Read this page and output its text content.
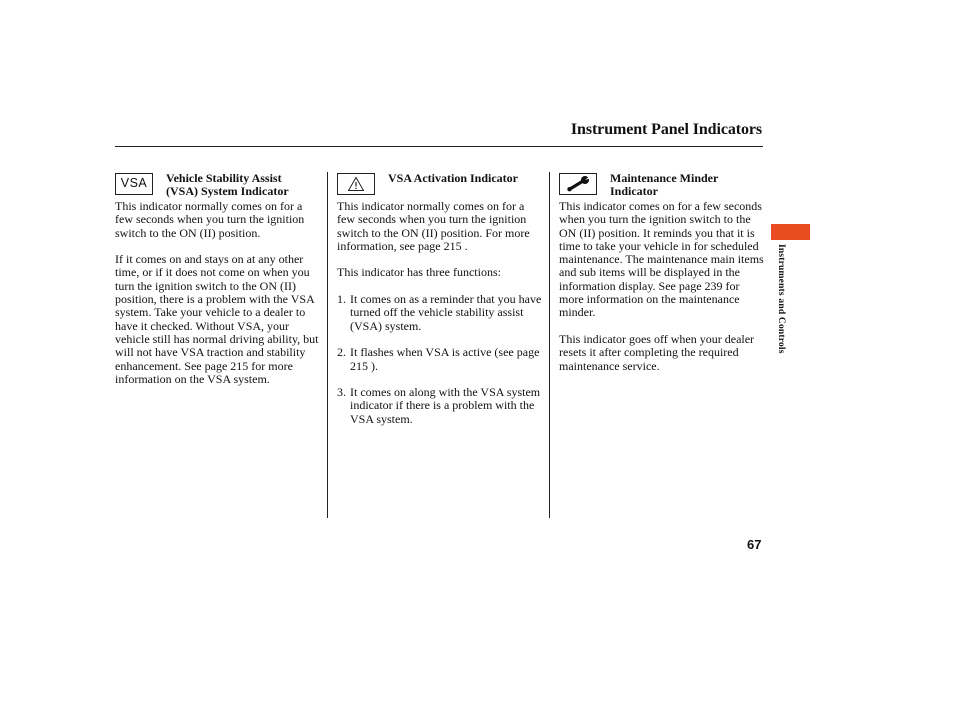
Instrument Panel Indicators
VSA Vehicle Stability Assist
(VSA) System Indicator

This indicator normally comes on for a few seconds when you turn the ignition switch to the ON (II) position.

If it comes on and stays on at any other time, or if it does not come on when you turn the ignition switch to the ON (II) position, there is a problem with the VSA system. Take your vehicle to a dealer to have it checked. Without VSA, your vehicle still has normal driving ability, but will not have VSA traction and stability enhancement. See page 215 for more information on the VSA system.

VSA Activation Indicator

This indicator normally comes on for a few seconds when you turn the ignition switch to the ON (II) position. For more information, see page 215 .

This indicator has three functions:

1. It comes on as a reminder that you have turned off the vehicle stability assist (VSA) system.
2. It flashes when VSA is active (see page 215 ).
3. It comes on along with the VSA system indicator if there is a problem with the VSA system.
Maintenance Minder
Indicator

This indicator comes on for a few seconds when you turn the ignition switch to the ON (II) position. It reminds you that it is time to take your vehicle in for scheduled maintenance. The maintenance main items and sub items will be displayed in the information display. See page 239 for more information on the maintenance minder.

This indicator goes off when your dealer resets it after completing the required maintenance service.

Instruments and Controls
67
